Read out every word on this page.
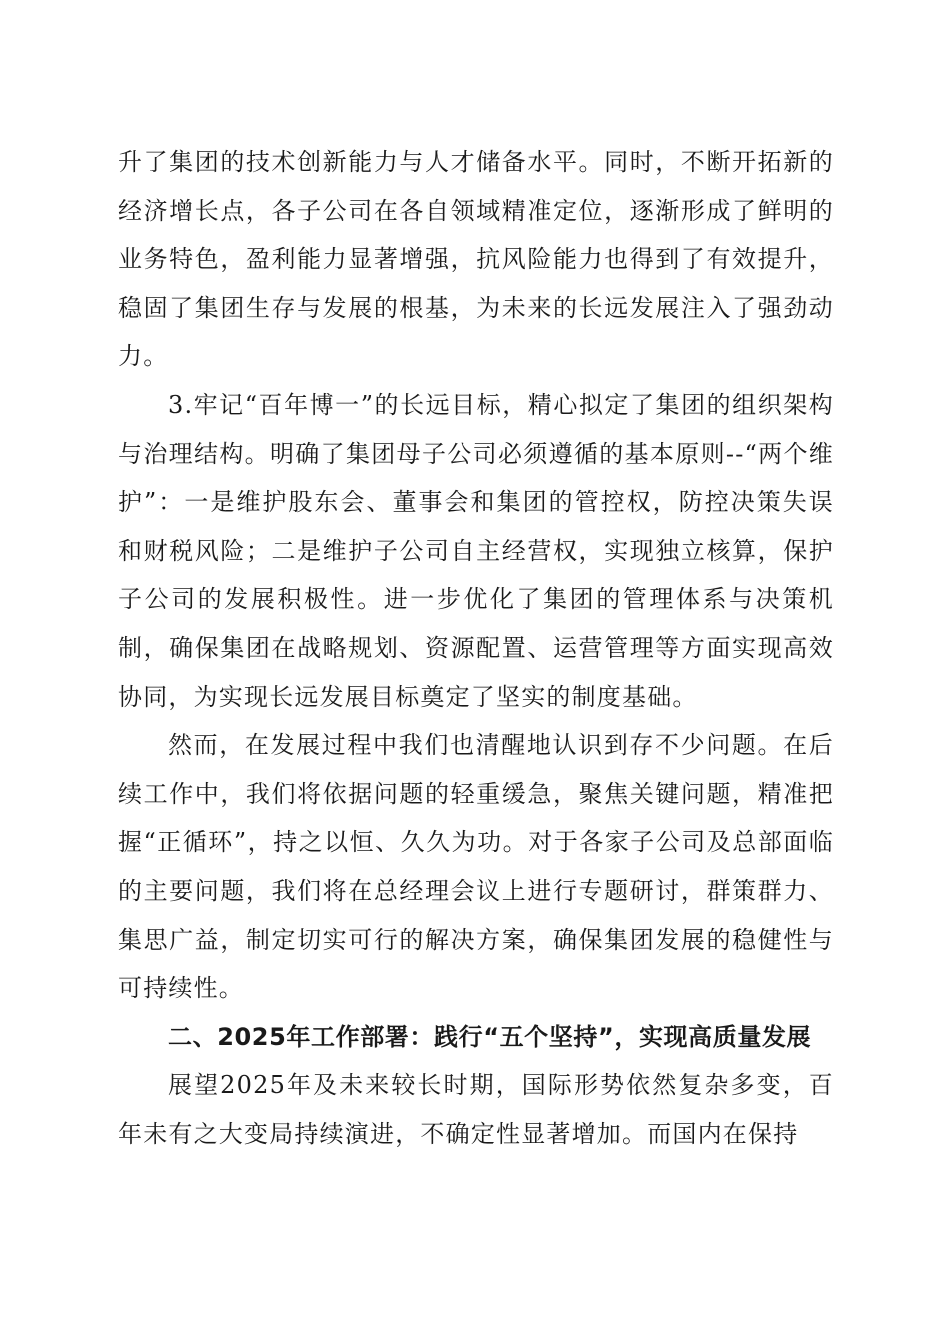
升了集团的技术创新能力与人才储备水平。同时，不断开拓新的经济增长点，各子公司在各自领域精准定位，逐渐形成了鲜明的业务特色，盈利能力显著增强，抗风险能力也得到了有效提升，稳固了集团生存与发展的根基，为未来的长远发展注入了强劲动力。

3.牢记“百年博一”的长远目标，精心拟定了集团的组织架构与治理结构。明确了集团母子公司必须遵循的基本原则--“两个维护”：一是维护股东会、董事会和集团的管控权，防控决策失误和财税风险；二是维护子公司自主经营权，实现独立核算，保护子公司的发展积极性。进一步优化了集团的管理体系与决策机制，确保集团在战略规划、资源配置、运营管理等方面实现高效协同，为实现长远发展目标奠定了坚实的制度基础。

然而，在发展过程中我们也清醒地认识到存不少问题。在后续工作中，我们将依据问题的轻重缓急，聚焦关键问题，精准把握“正循环”，持之以恒、久久为功。对于各家子公司及总部面临的主要问题，我们将在总经理会议上进行专题研讨，群策群力、集思广益，制定切实可行的解决方案，确保集团发展的稳健性与可持续性。

二、2025年工作部署：践行“五个坚持”，实现高质量发展

展望2025年及未来较长时期，国际形势依然复杂多变，百年未有之大变局持续演进，不确定性显著增加。而国内在保持
